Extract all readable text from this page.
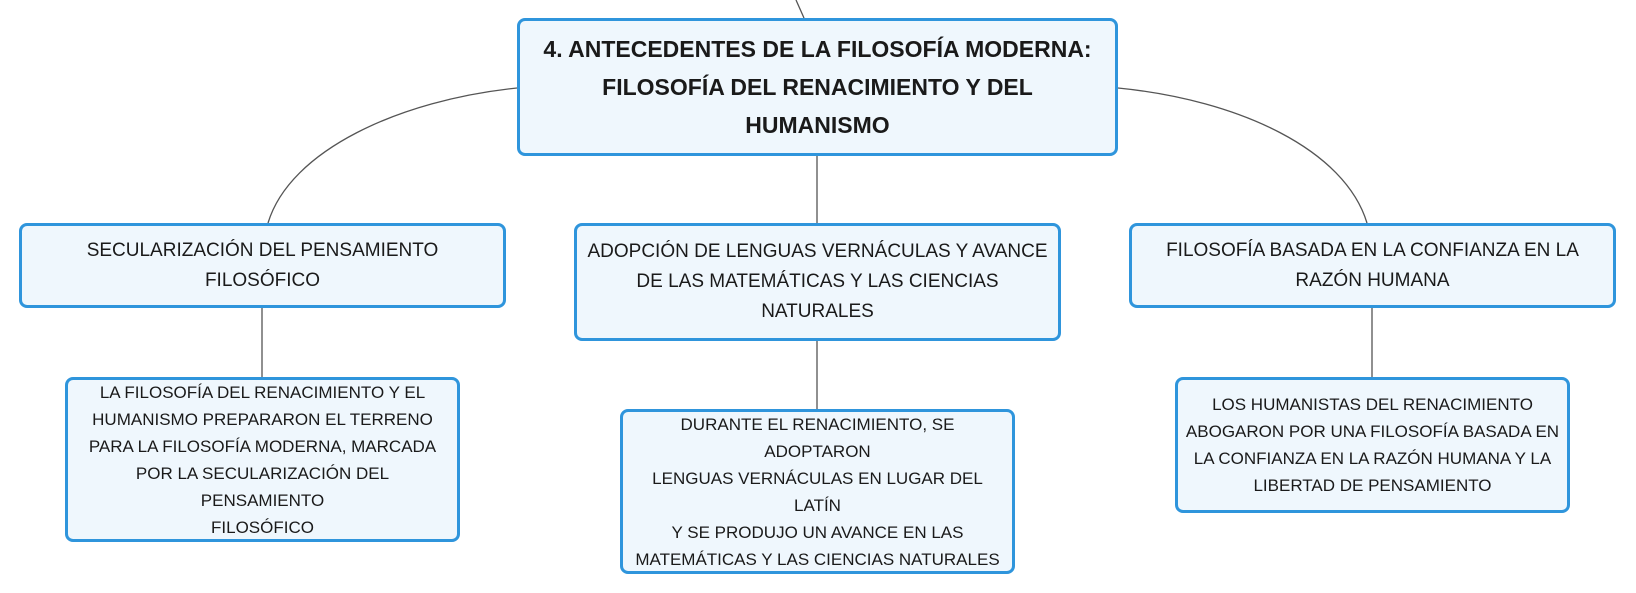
4. ANTECEDENTES DE LA FILOSOFÍA MODERNA:
FILOSOFÍA DEL RENACIMIENTO Y DEL HUMANISMO
SECULARIZACIÓN DEL PENSAMIENTO FILOSÓFICO
ADOPCIÓN DE LENGUAS VERNÁCULAS Y AVANCE
DE LAS MATEMÁTICAS Y LAS CIENCIAS NATURALES
FILOSOFÍA BASADA EN LA CONFIANZA EN LA
RAZÓN HUMANA
LA FILOSOFÍA DEL RENACIMIENTO Y EL
HUMANISMO PREPARARON EL TERRENO
PARA LA FILOSOFÍA MODERNA, MARCADA
POR LA SECULARIZACIÓN DEL PENSAMIENTO
FILOSÓFICO
DURANTE EL RENACIMIENTO, SE ADOPTARON
LENGUAS VERNÁCULAS EN LUGAR DEL LATÍN
Y SE PRODUJO UN AVANCE EN LAS
MATEMÁTICAS Y LAS CIENCIAS NATURALES
LOS HUMANISTAS DEL RENACIMIENTO
ABOGARON POR UNA FILOSOFÍA BASADA EN
LA CONFIANZA EN LA RAZÓN HUMANA Y LA
LIBERTAD DE PENSAMIENTO
